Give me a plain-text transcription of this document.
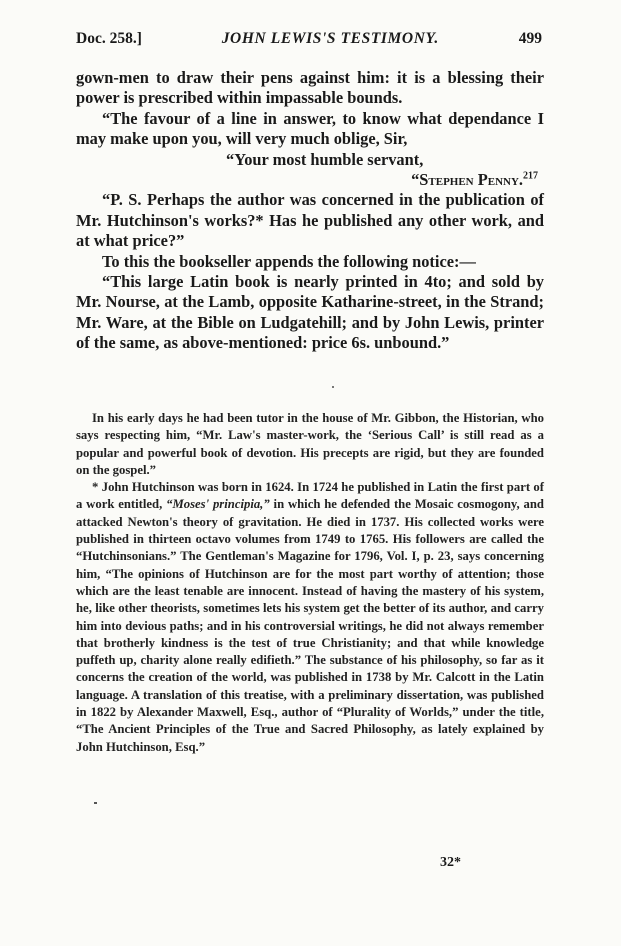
Doc. 258.]	JOHN LEWIS'S TESTIMONY.	499

gown-men to draw their pens against him: it is a blessing their power is prescribed within impassable bounds.

“The favour of a line in answer, to know what dependance I may make upon you, will very much oblige, Sir,

“Your most humble servant,

“Stephen Penny.$^{217}$

“P. S. Perhaps the author was concerned in the publication of Mr. Hutchinson's works?* Has he published any other work, and at what price?”

To this the bookseller appends the following notice:—

“This large Latin book is nearly printed in 4to; and sold by Mr. Nourse, at the Lamb, opposite Katharine-street, in the Strand; Mr. Ware, at the Bible on Ludgatehill; and by John Lewis, printer of the same, as above-mentioned: price 6s. unbound.”

In his early days he had been tutor in the house of Mr. Gibbon, the Historian, who says respecting him, “Mr. Law's master-work, the ‘Serious Call’ is still read as a popular and powerful book of devotion. His precepts are rigid, but they are founded on the gospel.”

* John Hutchinson was born in 1624. In 1724 he published in Latin the first part of a work entitled, “Moses' principia,” in which he defended the Mosaic cosmogony, and attacked Newton's theory of gravitation. He died in 1737. His collected works were published in thirteen octavo volumes from 1749 to 1765. His followers are called the “Hutchinsonians.” The Gentleman's Magazine for 1796, Vol. I, p. 23, says concerning him, “The opinions of Hutchinson are for the most part worthy of attention; those which are the least tenable are innocent. Instead of having the mastery of his system, he, like other theorists, sometimes lets his system get the better of its author, and carry him into devious paths; and in his controversial writings, he did not always remember that brotherly kindness is the test of true Christianity; and that while knowledge puffeth up, charity alone really edifieth.” The substance of his philosophy, so far as it concerns the creation of the world, was published in 1738 by Mr. Calcott in the Latin language. A translation of this treatise, with a preliminary dissertation, was published in 1822 by Alexander Maxwell, Esq., author of “Plurality of Worlds,” under the title, “The Ancient Principles of the True and Sacred Philosophy, as lately explained by John Hutchinson, Esq.”

32*
